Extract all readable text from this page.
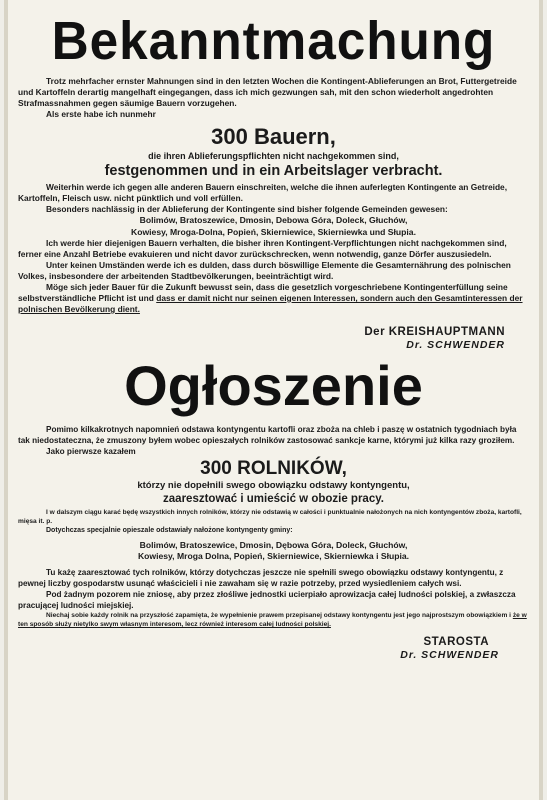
Bekanntmachung

Trotz mehrfacher ernster Mahnungen sind in den letzten Wochen die Kontingent-Ablieferungen an Brot, Futtergetreide und Kartoffeln derartig mangelhaft eingegangen, dass ich mich gezwungen sah, mit den schon wiederholt angedrohten Strafmassnahmen gegen säumige Bauern vorzugehen.

Als erste habe ich nunmehr

300 Bauern,

die ihren Ablieferungspflichten nicht nachgekommen sind,

festgenommen und in ein Arbeitslager verbracht.

Weiterhin werde ich gegen alle anderen Bauern einschreiten, welche die ihnen auferlegten Kontingente an Getreide, Kartoffeln, Fleisch usw. nicht pünktlich und voll erfüllen.

Besonders nachlässig in der Ablieferung der Kontingente sind bisher folgende Gemeinden gewesen:

Bolimów, Bratoszewice, Dmosin, Debowa Góra, Doleck, Głuchów,

Kowiesy, Mroga-Dolna, Popień, Skierniewice, Skierniewka und Słupia.

Ich werde hier diejenigen Bauern verhalten, die bisher ihren Kontingent-Verpflichtungen nicht nachgekommen sind, ferner eine Anzahl Betriebe evakuieren und nicht davor zurückschrecken, wenn notwendig, ganze Dörfer auszusiedeln.

Unter keinen Umständen werde ich es dulden, dass durch böswillige Elemente die Gesamternährung des polnischen Volkes, insbesondere der arbeitenden Stadtbevölkerungen, beeinträchtigt wird.

Möge sich jeder Bauer für die Zukunft bewusst sein, dass die gesetzlich vorgeschriebene Kontingenterfüllung seine selbstverständliche Pflicht ist und dass er damit nicht nur seinen eigenen Interessen, sondern auch den Gesamtinteressen der polnischen Bevölkerung dient.

Der KREISHAUPTMANN

Dr. SCHWENDER

Ogłoszenie

Pomimo kilkakrotnych napomnień odstawa kontyngentu kartofli oraz zboża na chleb i paszę w ostatnich tygodniach była tak niedostateczna, że zmuszony byłem wobec opieszałych rolników zastosować sankcje karne, którymi już kilka razy groziłem.

Jako pierwsze kazałem

300 ROLNIKÓW,

którzy nie dopełnili swego obowiązku odstawy kontyngentu,

zaaresztować i umieścić w obozie pracy.

I w dalszym ciągu karać będę wszystkich innych rolników, którzy nie odstawią w całości i punktualnie nałożonych na nich kontyngentów zboża, kartofli, mięsa it. p.

Dotychczas specjalnie opieszale odstawiały nałożone kontyngenty gminy:

Bolimów, Bratoszewice, Dmosin, Dębowa Góra, Doleck, Głuchów,

Kowiesy, Mroga Dolna, Popień, Skierniewice, Skierniewka i Słupia.

Tu każę zaaresztować tych rolników, którzy dotychczas jeszcze nie spełnili swego obowiązku odstawy kontyngentu, z pewnej liczby gospodarstw usunąć właścicieli i nie zawaham się w razie potrzeby, przed wysiedleniem całych wsi.

Pod żadnym pozorem nie zniosę, aby przez złośliwe jednostki ucierpiało aprowizacja całej ludności polskiej, a zwłaszcza pracującej ludności miejskiej.

Niechaj sobie każdy rolnik na przyszłość zapamięta, że wypełnienie prawem przepisanej odstawy kontyngentu jest jego najprostszym obowiązkiem i że w ten sposób służy nietylko swym własnym interesom, lecz również interesom całej ludności polskiej.

STAROSTA

Dr. SCHWENDER
